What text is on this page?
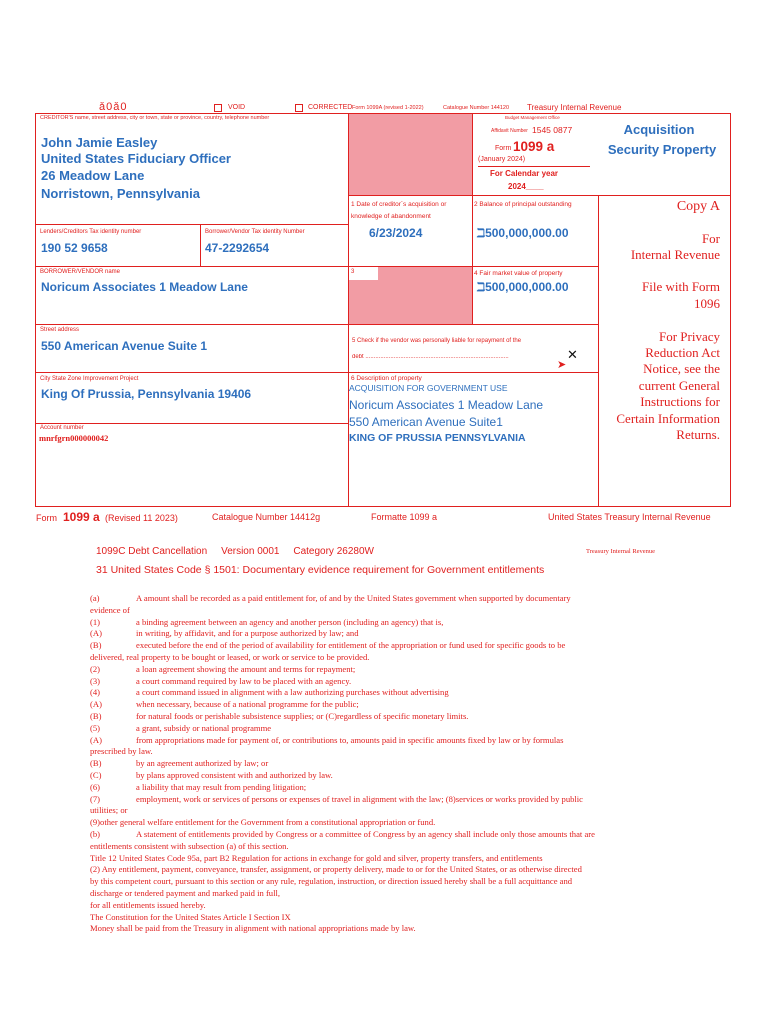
ǎ0ǎ0	VOID	CORRECTED Form 1099A (revised 1-2022)	Catalogue Number 144120 Treasury Internal Revenue
CREDITOR'S name, street address, city or town, state or province, country, telephone number
John Jamie Easley
United States Fiduciary Officer
26 Meadow Lane
Norristown, Pennsylvania
Budget Management Office
Affidavit Number 1545 0877
Form 1099 a
(January 2024)
For Calendar year
2024____
Acquisition
Security Property
Lenders/Creditors Tax identity number
190 52 9658
Borrower/Vendor Tax identity Number
47-2292654
1 Date of creditor`s acquisition or knowledge of abandonment
6/23/2024
2 Balance of principal outstanding
ℶ500,000,000.00
BORROWER/VENDOR name
Noricum Associates 1 Meadow Lane
3	4 Fair market value of property
ℶ500,000,000.00
Street address
550 American Avenue Suite 1	5 Check if the vendor was personally liable for repayment of the
debt ......................................................................................	✕
➤
City State Zone Improvement Project
King Of Prussia, Pennsylvania 19406
6 Description of property
ACQUISITION FOR GOVERNMENT USE
Noricum Associates 1 Meadow Lane
550 American Avenue Suite1
KING OF PRUSSIA PENNSYLVANIA
Account number
mnrfgrn000000042
Copy A
For
Internal Revenue
File with Form
1096
For Privacy
Reduction Act
Notice, see the
current General
Instructions for
Certain Information
Returns.
Form 1099 a (Revised 11 2023)	Catalogue Number 14412g	Formatte 1099 a	United States Treasury Internal Revenue
1099C Debt Cancellation     Version 0001     Category 26280W	Treasury Internal Revenue
31 United States Code § 1501: Documentary evidence requirement for Government entitlements
(a)	A amount shall be recorded as a paid entitlement for, of and by the United States government when supported by documentary
evidence of
(1)	a binding agreement between an agency and another person (including an agency) that is,
(A)	in writing, by affidavit, and for a purpose authorized by law; and
(B)	executed before the end of the period of availability for entitlement of the appropriation or fund used for specific goods to be
delivered, real property to be bought or leased, or work or service to be provided.
(2)	a loan agreement showing the amount and terms for repayment;
(3)	a court command required by law to be placed with an agency.
(4)	a court command issued in alignment with a law authorizing purchases without advertising
(A)	when necessary, because of a national programme for the public;
(B)	for natural foods or perishable subsistence supplies; or (C)regardless of specific monetary limits.
(5)	a grant, subsidy or national programme
(A)	from appropriations made for payment of, or contributions to, amounts paid in specific amounts fixed by law or by formulas
prescribed by law.
(B)	by an agreement authorized by law; or
(C)	by plans approved consistent with and authorized by law.
(6)	a liability that may result from pending litigation;
(7)	employment, work or services of persons or expenses of travel in alignment with the law; (8)services or works provided by public
utilities; or
(9)other general welfare entitlement for the Government from a constitutional appropriation or fund.
(b)	A statement of entitlements provided by Congress or a committee of Congress by an agency shall include only those amounts that are
entitlements consistent with subsection (a) of this section.
Title 12 United States Code 95a, part B2 Regulation for actions in exchange for gold and silver, property transfers, and entitlements
(2) Any entitlement, payment, conveyance, transfer, assignment, or property delivery, made to or for the United States, or as otherwise directed
by this competent court, pursuant to this section or any rule, regulation, instruction, or direction issued hereby shall be a full acquittance and
discharge or tendered payment and marked paid in full,
for all entitlements issued hereby.
The Constitution for the United States Article I Section IX
Money shall be paid from the Treasury in alignment with national appropriations made by law.
